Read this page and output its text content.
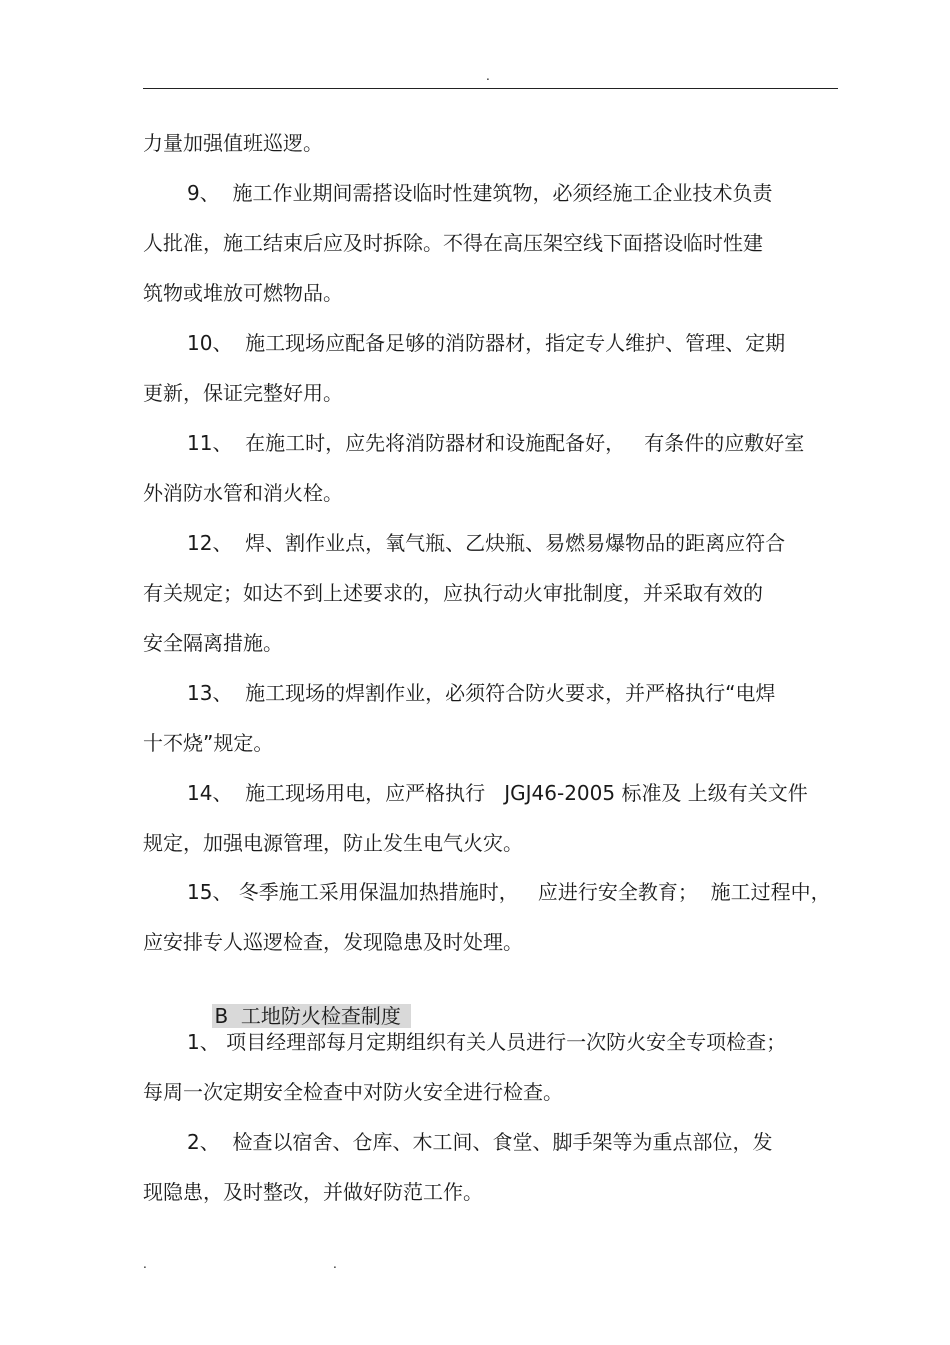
.
力量加强值班巡逻。
9、  施工作业期间需搭设临时性建筑物，必须经施工企业技术负责
人批准，施工结束后应及时拆除。不得在高压架空线下面搭设临时性建
筑物或堆放可燃物品。
10、  施工现场应配备足够的消防器材，指定专人维护、管理、定期
更新，保证完整好用。
11、  在施工时，应先将消防器材和设施配备好，   有条件的应敷好室
外消防水管和消火栓。
12、  焊、割作业点，氧气瓶、乙炔瓶、易燃易爆物品的距离应符合
有关规定；如达不到上述要求的，应执行动火审批制度，并采取有效的
安全隔离措施。
13、  施工现场的焊割作业，必须符合防火要求，并严格执行“电焊
十不烧”规定。
14、  施工现场用电，应严格执行   JGJ46-2005 标准及 上级有关文件
规定，加强电源管理，防止发生电气火灾。
15、 冬季施工采用保温加热措施时，   应进行安全教育；  施工过程中，
应安排专人巡逻检查，发现隐患及时处理。

B  工地防火检查制度

1、 项目经理部每月定期组织有关人员进行一次防火安全专项检查；
每周一次定期安全检查中对防火安全进行检查。
2、  检查以宿舍、仓库、木工间、食堂、脚手架等为重点部位，发
现隐患，及时整改，并做好防范工作。
.	.
